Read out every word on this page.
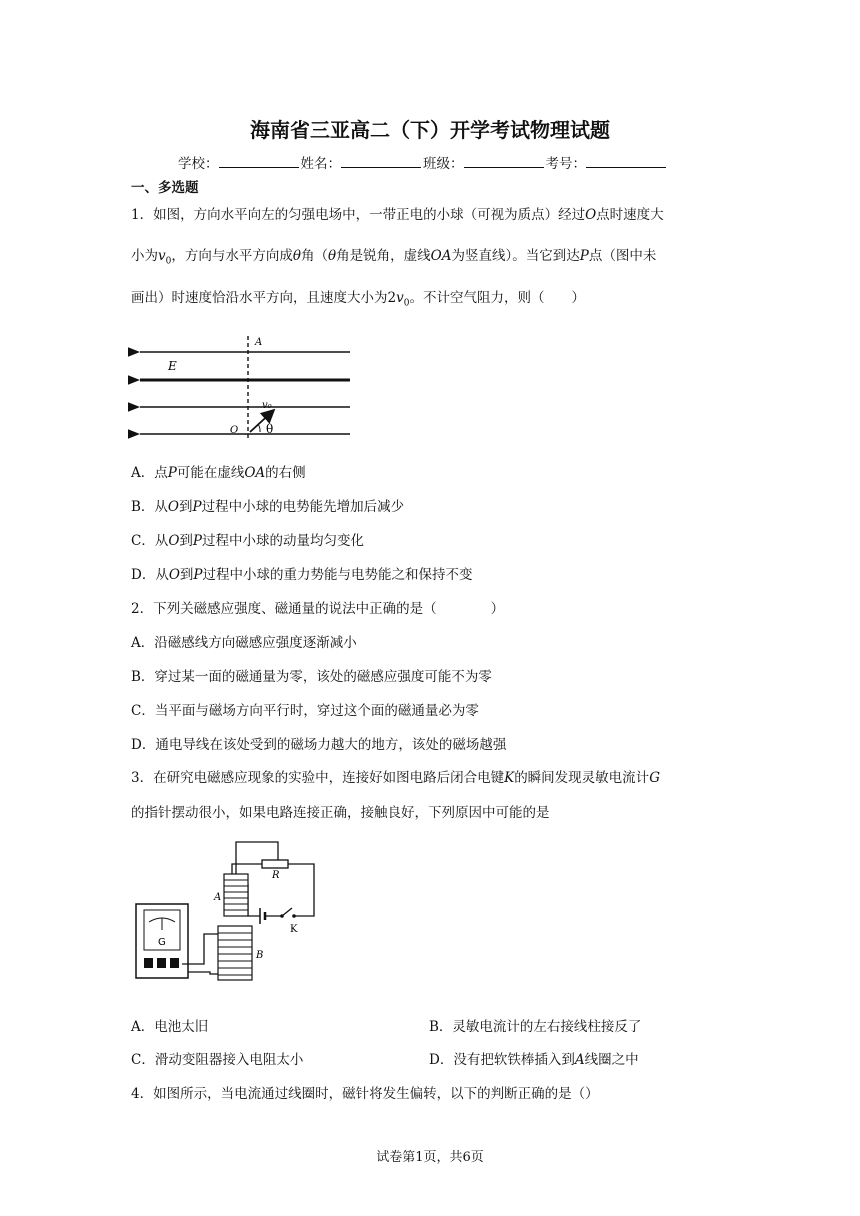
海南省三亚高二（下）开学考试物理试题
学校：	姓名：	班级：	考号：
一、多选题
1．如图，方向水平向左的匀强电场中，一带正电的小球（可视为质点）经过O点时速度大
小为$v_0$，方向与水平方向成θ角（θ角是锐角，虚线OA为竖直线）。当它到达P点（图中未
画出）时速度恰沿水平方向，且速度大小为$2v_0$。不计空气阻力，则（　　）
A
E
O
v₀
θ
A．点P可能在虚线OA的右侧
B．从O到P过程中小球的电势能先增加后减少
C．从O到P过程中小球的动量均匀变化
D．从O到P过程中小球的重力势能与电势能之和保持不变
2．下列关磁感应强度、磁通量的说法中正确的是（　　　　）
A．沿磁感线方向磁感应强度逐渐减小
B．穿过某一面的磁通量为零，该处的磁感应强度可能不为零
C．当平面与磁场方向平行时，穿过这个面的磁通量必为零
D．通电导线在该处受到的磁场力越大的地方，该处的磁场越强
3．在研究电磁感应现象的实验中，连接好如图电路后闭合电键K的瞬间发现灵敏电流计G
的指针摆动很小，如果电路连接正确，接触良好，下列原因中可能的是
R
A
K
G
B
A．电池太旧	B．灵敏电流计的左右接线柱接反了
C．滑动变阻器接入电阻太小	D．没有把软铁棒插入到A线圈之中
4．如图所示，当电流通过线圈时，磁针将发生偏转，以下的判断正确的是（）
试卷第1页，共6页
